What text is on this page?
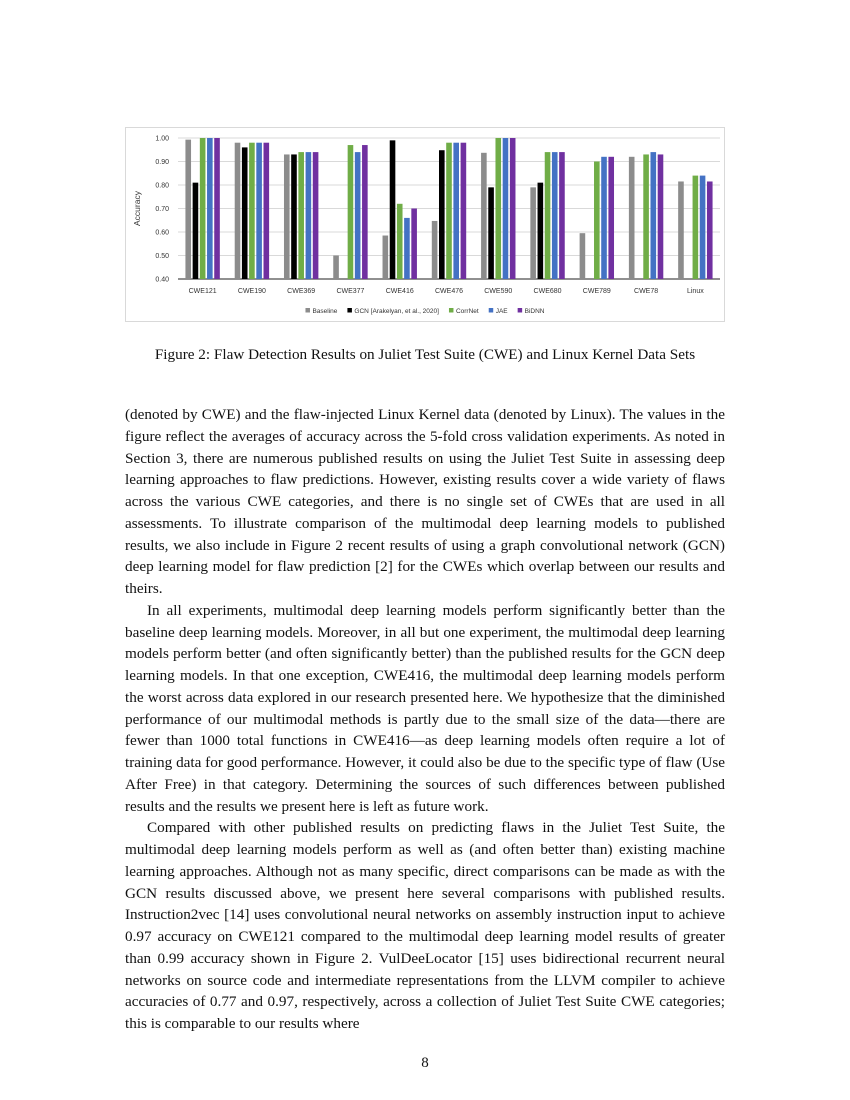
0.40
0.50
0.60
0.70
0.80
0.90
1.00
Accuracy
CWE121	CWE190	CWE369	CWE377	CWE416	CWE476	CWE590	CWE680	CWE789	CWE78	Linux
Baseline	GCN [Arakelyan, et al., 2020]	CorrNet	JAE	BiDNN
Figure 2: Flaw Detection Results on Juliet Test Suite (CWE) and Linux Kernel Data Sets

(denoted by CWE) and the flaw-injected Linux Kernel data (denoted by Linux). The values in the figure reflect the averages of accuracy across the 5-fold cross validation experiments. As noted in Section 3, there are numerous published results on using the Juliet Test Suite in assessing deep learning approaches to flaw predictions. However, existing results cover a wide variety of flaws across the various CWE categories, and there is no single set of CWEs that are used in all assessments. To illustrate comparison of the multimodal deep learning models to published results, we also include in Figure 2 recent results of using a graph convolutional network (GCN) deep learning model for flaw prediction [2] for the CWEs which overlap between our results and theirs.

In all experiments, multimodal deep learning models perform significantly better than the baseline deep learning models. Moreover, in all but one experiment, the multimodal deep learning models perform better (and often significantly better) than the published results for the GCN deep learning models. In that one exception, CWE416, the multimodal deep learning models perform the worst across data explored in our research presented here. We hypothesize that the diminished performance of our multimodal methods is partly due to the small size of the data—there are fewer than 1000 total functions in CWE416—as deep learning models often require a lot of training data for good performance. However, it could also be due to the specific type of flaw (Use After Free) in that category. Determining the sources of such differences between published results and the results we present here is left as future work.

Compared with other published results on predicting flaws in the Juliet Test Suite, the multimodal deep learning models perform as well as (and often better than) existing machine learning approaches. Although not as many specific, direct comparisons can be made as with the GCN results discussed above, we present here several comparisons with published results. Instruction2vec [14] uses convolutional neural networks on assembly instruction input to achieve 0.97 accuracy on CWE121 compared to the multimodal deep learning model results of greater than 0.99 accuracy shown in Figure 2. VulDeeLocator [15] uses bidirectional recurrent neural networks on source code and intermediate representations from the LLVM compiler to achieve accuracies of 0.77 and 0.97, respectively, across a collection of Juliet Test Suite CWE categories; this is comparable to our results where

8
